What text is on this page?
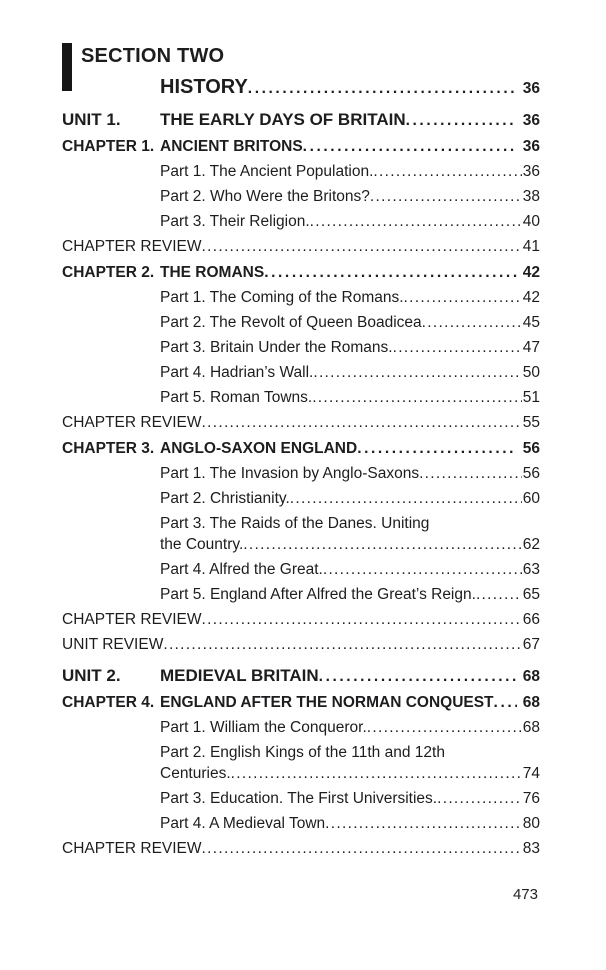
SECTION TWO
HISTORY .....	36
UNIT 1.	THE EARLY DAYS OF BRITAIN .....	36
CHAPTER 1. ANCIENT BRITONS .....	36
Part 1. The Ancient Population. .....	36
Part 2. Who Were the Britons? .....	38
Part 3. Their Religion. .....	40
CHAPTER REVIEW .....	41
CHAPTER 2. THE ROMANS .....	42
Part 1. The Coming of the Romans. .....	42
Part 2. The Revolt of Queen Boadicea .....	45
Part 3. Britain Under the Romans. .....	47
Part 4. Hadrian’s Wall. .....	50
Part 5. Roman Towns. .....	51
CHAPTER REVIEW .....	55
CHAPTER 3. ANGLO-SAXON ENGLAND .....	56
Part 1. The Invasion by Anglo-Saxons .....	56
Part 2. Christianity. .....	60
Part 3. The Raids of the Danes. Uniting
the Country. .....	62
Part 4. Alfred the Great. .....	63
Part 5. England After Alfred the Great’s Reign. .....	65
CHAPTER REVIEW .....	66
UNIT REVIEW .....	67
UNIT 2.	MEDIEVAL BRITAIN .....	68
CHAPTER 4. ENGLAND AFTER THE NORMAN CONQUEST .....	68
Part 1. William the Conqueror. .....	68
Part 2. English Kings of the 11th and 12th
Centuries. .....	74
Part 3. Education. The First Universities. .....	76
Part 4. A Medieval Town .....	80
CHAPTER REVIEW .....	83
473
